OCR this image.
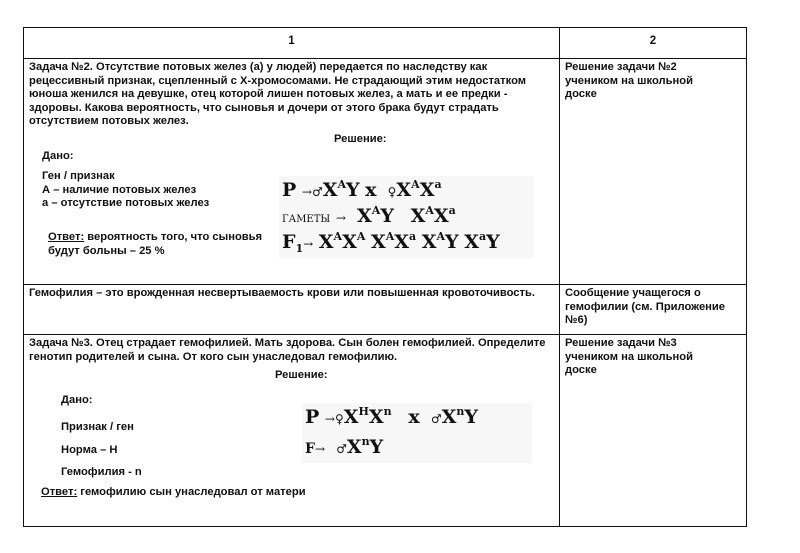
1	2
Задача №2. Отсутствие потовых желез (а) у людей) передается по наследству как рецессивный признак, сцепленный с Х-хромосомами. Не страдающий этим недостатком юноша женился на девушке, отец которой лишен потовых желез, а мать и ее предки - здоровы. Какова вероятность, что сыновья и дочери от этого брака будут страдать отсутствием потовых желез.
Решение:
Дано:
Ген / признак
А – наличие потовых желез
а – отсутствие потовых желез
$P \to♂X^AY$ x $♀X^AX^a$
ГАМЕТЫ → $X^AY$ $X^AX^a$
$F_1\to X^AX^A$ $X^AX^a$ $X^AY$ $X^aY$
Ответ: вероятность того, что сыновья будут больны – 25 %
Решение задачи №2 учеником на школьной доске
Гемофилия – это врожденная несвертываемость крови или повышенная кровоточивость.	Сообщение учащегося о гемофилии (см. Приложение №6)
Задача №3. Отец страдает гемофилией. Мать здорова. Сын болен гемофилией. Определите генотип родителей и сына. От кого сын унаследовал гемофилию.
Решение:
Дано:
Признак / ген
Норма – Н
Гемофилия - n
$P \to♀X^HX^n$ x $♂X^nY$
$F\to ♂X^nY$
Ответ: гемофилию сын унаследовал от матери
Решение задачи №3 учеником на школьной доске
